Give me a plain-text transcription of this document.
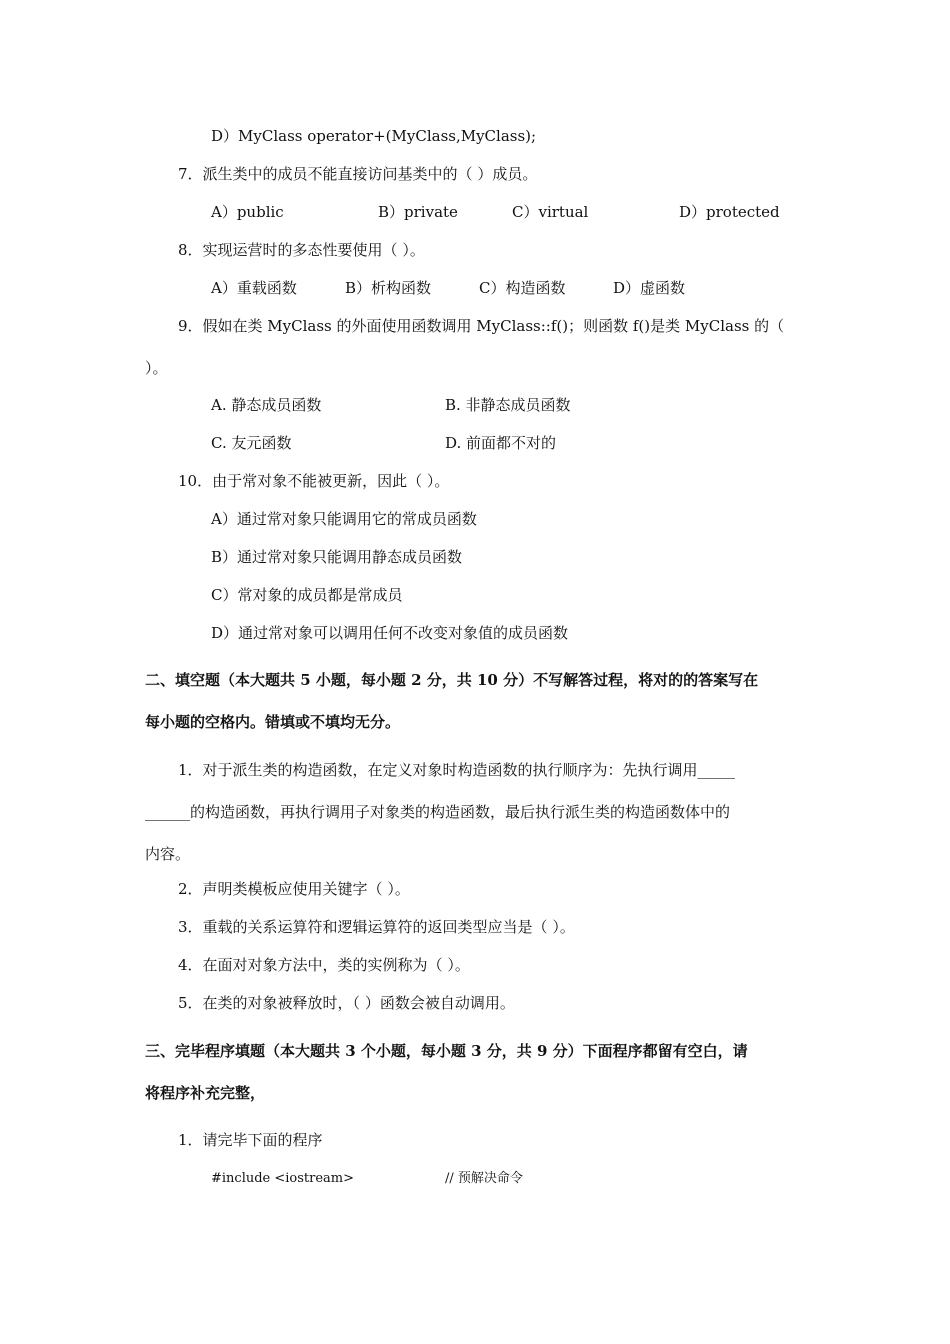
D）MyClass operator+(MyClass,MyClass);
7．派生类中的成员不能直接访问基类中的（ ）成员。
A）public	B）private	C）virtual	D）protected
8．实现运营时的多态性要使用（ ）。
A）重载函数	B）析构函数	C）构造函数	D）虚函数
9．假如在类 MyClass 的外面使用函数调用 MyClass::f()；则函数 f()是类 MyClass 的（
）。
A. 静态成员函数	B. 非静态成员函数
C. 友元函数	D. 前面都不对的
10．由于常对象不能被更新，因此（ ）。
A）通过常对象只能调用它的常成员函数
B）通过常对象只能调用静态成员函数
C）常对象的成员都是常成员
D）通过常对象可以调用任何不改变对象值的成员函数
二、填空题（本大题共 5 小题，每小题 2 分，共 10 分）不写解答过程，将对的的答案写在
每小题的空格内。错填或不填均无分。
1．对于派生类的构造函数，在定义对象时构造函数的执行顺序为：先执行调用_____
______的构造函数，再执行调用子对象类的构造函数，最后执行派生类的构造函数体中的
内容。
2．声明类模板应使用关键字（ ）。
3．重载的关系运算符和逻辑运算符的返回类型应当是（ ）。
4．在面对对象方法中，类的实例称为（ ）。
5．在类的对象被释放时，（ ）函数会被自动调用。
三、完毕程序填题（本大题共 3 个小题，每小题 3 分，共 9 分）下面程序都留有空白，请
将程序补充完整，
1．请完毕下面的程序
#include <iostream>	// 预解决命令
